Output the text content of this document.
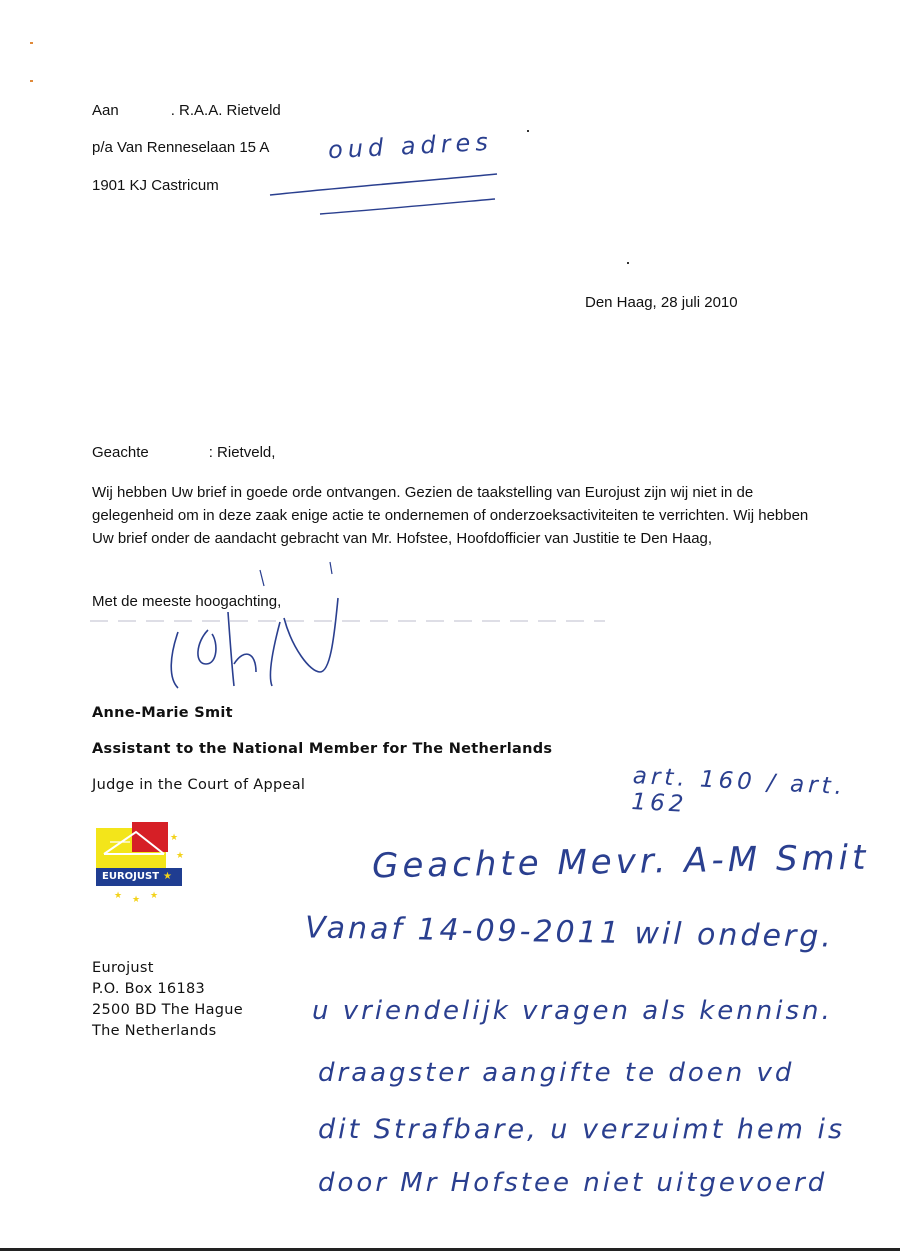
Aan	. R.A.A. Rietveld
p/a Van Renneselaan 15 A
1901 KJ Castricum
oud adres
Den Haag, 28 juli 2010
Geachte	: Rietveld,
Wij hebben Uw brief in goede orde ontvangen. Gezien de taakstelling van Eurojust zijn wij niet in de gelegenheid om in deze zaak enige actie te ondernemen of onderzoeksactiviteiten te verrichten. Wij hebben Uw brief onder de aandacht gebracht van Mr. Hofstee, Hoofdofficier van Justitie te Den Haag,
Met de meeste hoogachting,
Anne-Marie Smit
Assistant to the National Member for The Netherlands
Judge in the Court of Appeal	art. 160 / art. 162
EUROJUST ★
★
★
★ ★ ★
Eurojust
P.O. Box 16183
2500 BD The Hague
The Netherlands
Geachte Mevr. A-M Smit
Vanaf 14-09-2011 wil onderg.
u vriendelijk vragen als kennisn.
draagster aangifte te doen vd
dit Strafbare, u verzuimt hem is
door Mr Hofstee niet uitgevoerd
